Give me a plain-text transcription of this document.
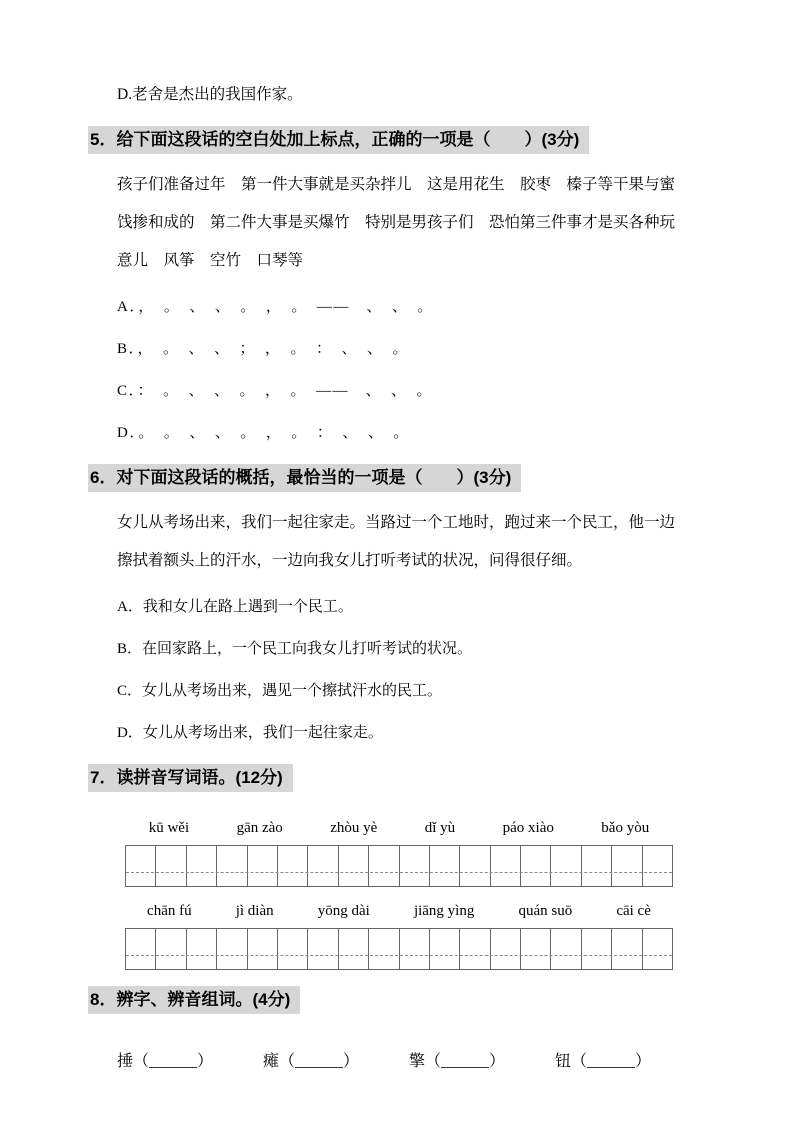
D.老舍是杰出的我国作家。

5．给下面这段话的空白处加上标点，正确的一项是（　　）(3分)

孩子们准备过年　第一件大事就是买杂拌儿　这是用花生　胶枣　榛子等干果与蜜

饯掺和成的　第二件大事是买爆竹　特别是男孩子们　恐怕第三件事才是买各种玩

意儿　风筝　空竹　口琴等

A．，　。　、　、　。　，　。　——　、　、　。

B．，　。　、　、　；　，　。　：　、　、　。

C．：　。　、　、　。　，　。　——　、　、　。

D．。　。　、　、　。　，　。　：　、　、　。

6．对下面这段话的概括，最恰当的一项是（　　）(3分)

女儿从考场出来，我们一起往家走。当路过一个工地时，跑过来一个民工，他一边

擦拭着额头上的汗水，一边向我女儿打听考试的状况，问得很仔细。

A．我和女儿在路上遇到一个民工。

B．在回家路上，一个民工向我女儿打听考试的状况。

C．女儿从考场出来，遇见一个擦拭汗水的民工。

D．女儿从考场出来，我们一起往家走。

7．读拼音写词语。(12分)
kū wěi	gān zào	zhòu yè	dǐ yù	páo xiào	bǎo yòu
chān fú	jì diàn	yōng dài	jiāng yìng	quán suō	cāi cè
8．辨字、辨音组词。(4分)
捶（______）	瘫（______）	擎（______）	钮（______）
